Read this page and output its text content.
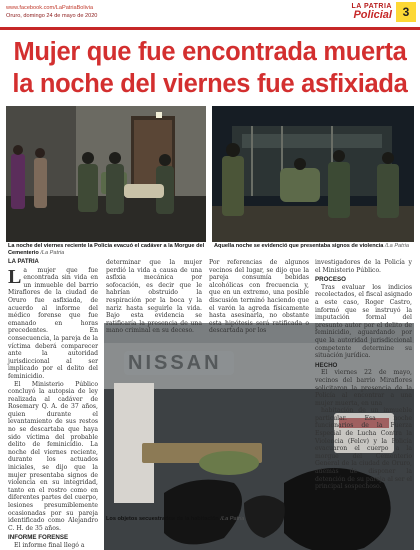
www.facebook.com/LaPatriaBolivia
Oruro, domingo 24 de mayo de 2020
LA PATRIA
Policial 3
Mujer que fue encontrada muerta
la noche del viernes fue asfixiada
La noche del viernes reciente la Policía evacuó el cadáver a la Morgue del Cementerio /La Patria
Aquella noche se evidenció que presentaba signos de violencia /La Patria

LA PATRIA

La mujer que fue encontrada sin vida en un inmueble del barrio Miraflores de la ciudad de Oruro fue asfixiada, de acuerdo al informe del médico forense que fue emanado en horas precedentes. En consecuencia, la pareja de la víctima deberá comparecer ante la autoridad jurisdiccional al ser implicado por el delito del feminicidio.

El Ministerio Público concluyó la autopsia de ley realizada al cadáver de Rosemary Q. A. de 37 años, quien durante el levantamiento de sus restos no se descartaba que haya sido víctima del probable delito de feminicidio. La noche del viernes reciente, durante los actuados iniciales, se dijo que la mujer presentaba signos de violencia en su integridad, tanto en el rostro como en diferentes partes del cuerpo, lesiones presumiblemente ocasionadas por su pareja identificado como Alejandro C. H. de 35 años.

INFORME FORENSE

El informe final llegó a

NISSAN
Los objetos secuestrados de la habitación /La Patria

determinar que la mujer perdió la vida a causa de una asfixia mecánica por sofocación, es decir que le habrían obstruido la respiración por la boca y la nariz hasta seguirle la vida. Bajo esta evidencia se ratificaría la presencia de una mano criminal en su deceso.

Por referencias de algunos vecinos del lugar, se dijo que la pareja consumía bebidas alcohólicas con frecuencia y, que en un extremo, una posible discusión terminó haciendo que el varón la agreda físicamente hasta asesinarla, no obstante esta hipótesis será ratificada o descartada por los

investigadores de la Policía y el Ministerio Público.

PROCESO

Tras evaluar los indicios recolectados, el fiscal asignado a este caso, Roger Castro, informó que se instruyó la imputación formal del presunto autor por el delito de feminicidio, aguardando por que la autoridad jurisdiccional competente determine su situación jurídica.

HECHO

El viernes 22 de mayo, vecinos del barrio Miraflores solicitaron la presencia de la Policía al encontrar a una mujer muerta, en una

habitación de un inmueble particular. Esa noche funcionarios de la Fuerza Especial de Lucha Contra la Violencia (Felcv) y la Policía evacuaron el cuerpo a la morgue del Cementerio General de la ciudad de Oruro, además de disponer la detención de su pareja al ser el principal sospechoso.
